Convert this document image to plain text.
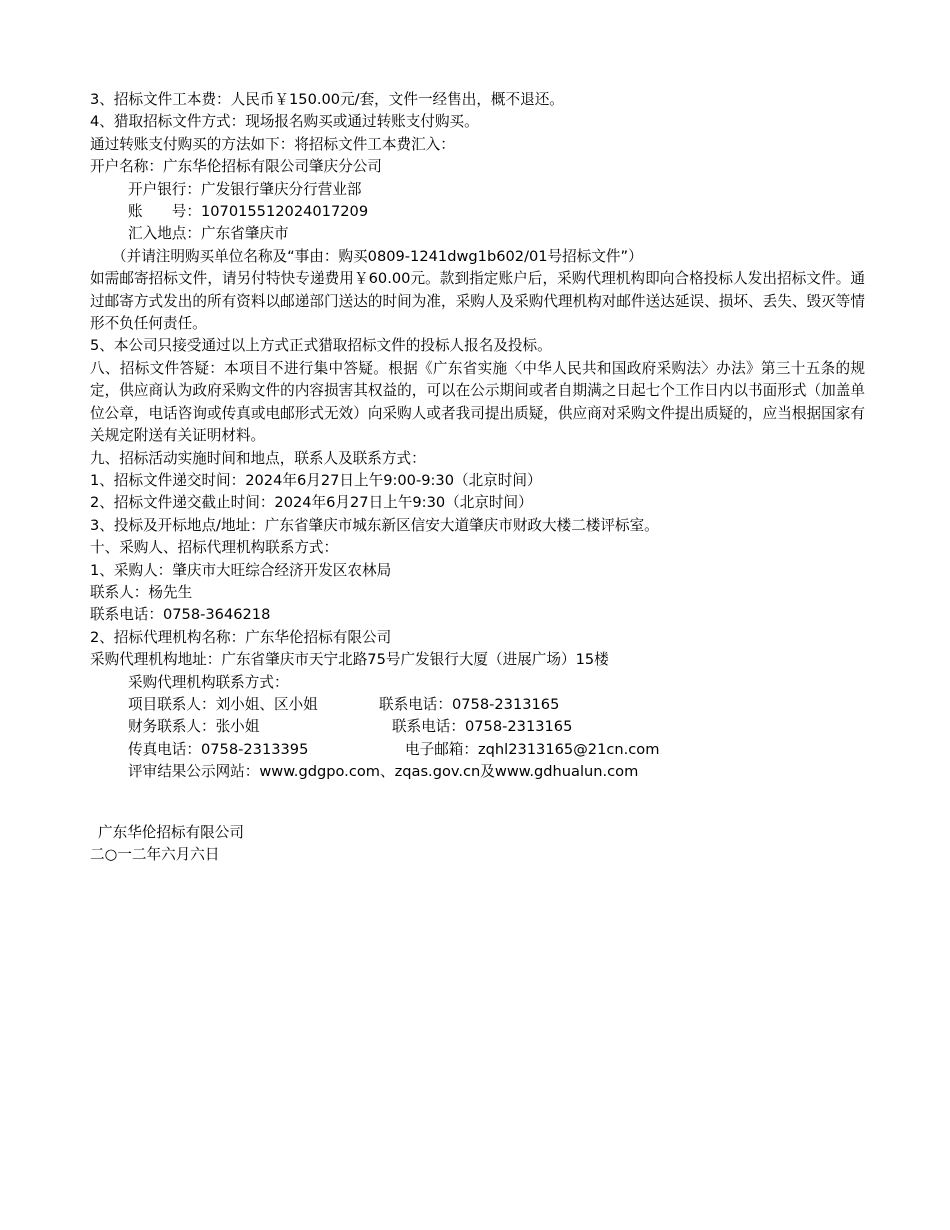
3、招标文件工本费：人民币￥150.00元/套，文件一经售出，概不退还。
4、猎取招标文件方式：现场报名购买或通过转账支付购买。
通过转账支付购买的方法如下：将招标文件工本费汇入：
开户名称：广东华伦招标有限公司肇庆分公司
开户银行：广发银行肇庆分行营业部
账　　号：107015512024017209
汇入地点：广东省肇庆市
（并请注明购买单位名称及“事由：购买0809-1241dwg1b602/01号招标文件”）
如需邮寄招标文件，请另付特快专递费用￥60.00元。款到指定账户后，采购代理机构即向合格投标人发出招标文件。通过邮寄方式发出的所有资料以邮递部门送达的时间为准，采购人及采购代理机构对邮件送达延误、损坏、丢失、毁灭等情形不负任何责任。
5、本公司只接受通过以上方式正式猎取招标文件的投标人报名及投标。
八、招标文件答疑：本项目不进行集中答疑。根据《广东省实施〈中华人民共和国政府采购法〉办法》第三十五条的规定，供应商认为政府采购文件的内容损害其权益的，可以在公示期间或者自期满之日起七个工作日内以书面形式（加盖单位公章，电话咨询或传真或电邮形式无效）向采购人或者我司提出质疑，供应商对采购文件提出质疑的，应当根据国家有关规定附送有关证明材料。
九、招标活动实施时间和地点，联系人及联系方式：
1、招标文件递交时间：2024年6月27日上午9:00-9:30（北京时间）
2、招标文件递交截止时间：2024年6月27日上午9:30（北京时间）
3、投标及开标地点/地址：广东省肇庆市城东新区信安大道肇庆市财政大楼二楼评标室。
十、采购人、招标代理机构联系方式：
1、采购人：肇庆市大旺综合经济开发区农林局
联系人：杨先生
联系电话：0758-3646218
2、招标代理机构名称：广东华伦招标有限公司
采购代理机构地址：广东省肇庆市天宁北路75号广发银行大厦（进展广场）15楼
采购代理机构联系方式：
项目联系人：刘小姐、区小姐	联系电话：0758-2313165
财务联系人：张小姐	联系电话：0758-2313165
传真电话：0758-2313395	电子邮箱：zqhl2313165@21cn.com
评审结果公示网站：www.gdgpo.com、zqas.gov.cn及www.gdhualun.com
广东华伦招标有限公司
二○一二年六月六日
